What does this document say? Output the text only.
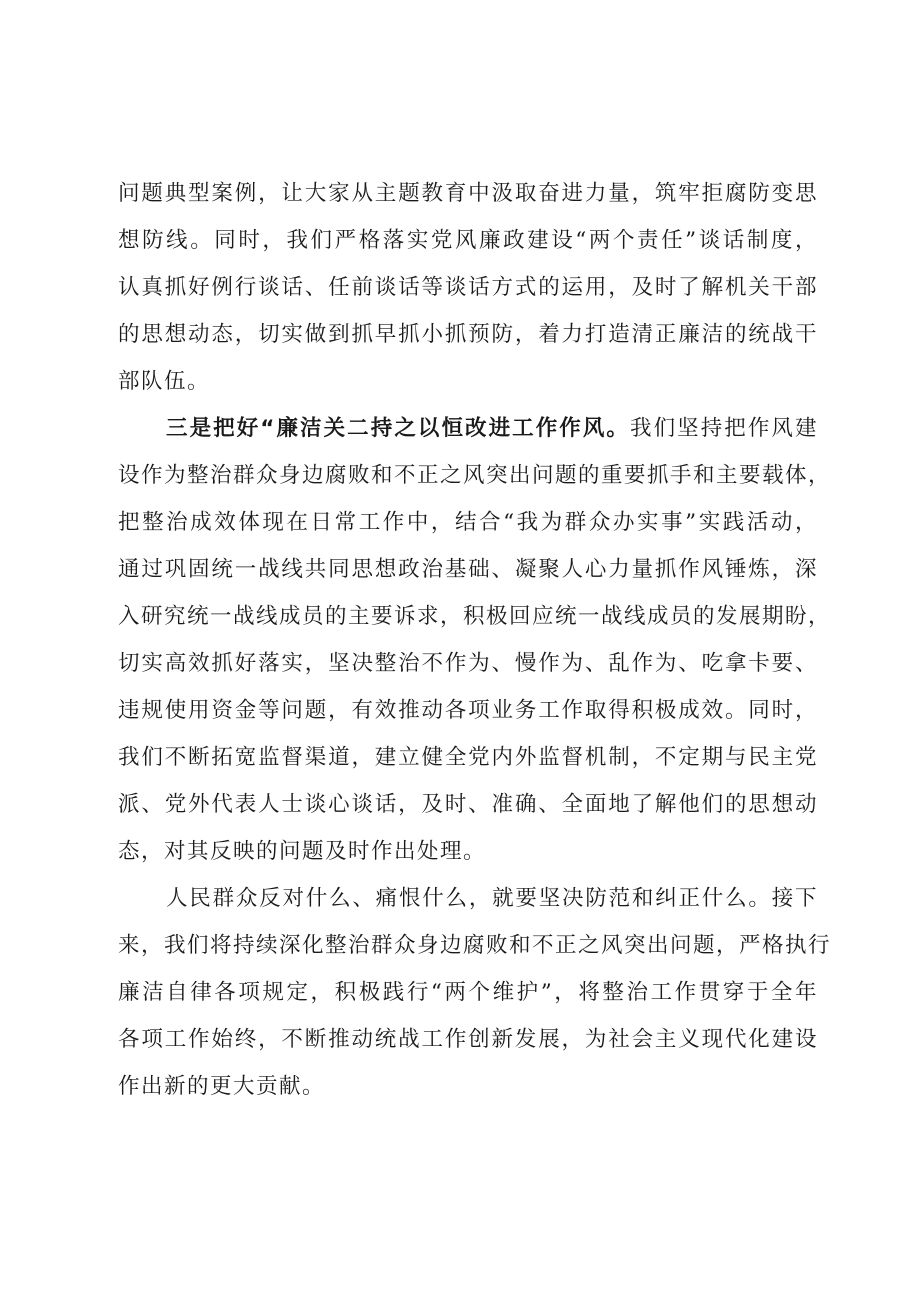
问题典型案例，让大家从主题教育中汲取奋进力量，筑牢拒腐防变思

想防线。同时，我们严格落实党风廉政建设“两个责任”谈话制度，

认真抓好例行谈话、任前谈话等谈话方式的运用，及时了解机关干部

的思想动态，切实做到抓早抓小抓预防，着力打造清正廉洁的统战干

部队伍。

三是把好“廉洁关二持之以恒改进工作作风。我们坚持把作风建

设作为整治群众身边腐败和不正之风突出问题的重要抓手和主要载体，

把整治成效体现在日常工作中，结合“我为群众办实事”实践活动，

通过巩固统一战线共同思想政治基础、凝聚人心力量抓作风锤炼，深

入研究统一战线成员的主要诉求，积极回应统一战线成员的发展期盼，

切实高效抓好落实，坚决整治不作为、慢作为、乱作为、吃拿卡要、

违规使用资金等问题，有效推动各项业务工作取得积极成效。同时，

我们不断拓宽监督渠道，建立健全党内外监督机制，不定期与民主党

派、党外代表人士谈心谈话，及时、准确、全面地了解他们的思想动

态，对其反映的问题及时作出处理。

人民群众反对什么、痛恨什么，就要坚决防范和纠正什么。接下

来，我们将持续深化整治群众身边腐败和不正之风突出问题，严格执行

廉洁自律各项规定，积极践行“两个维护”，将整治工作贯穿于全年

各项工作始终，不断推动统战工作创新发展，为社会主义现代化建设

作出新的更大贡献。
